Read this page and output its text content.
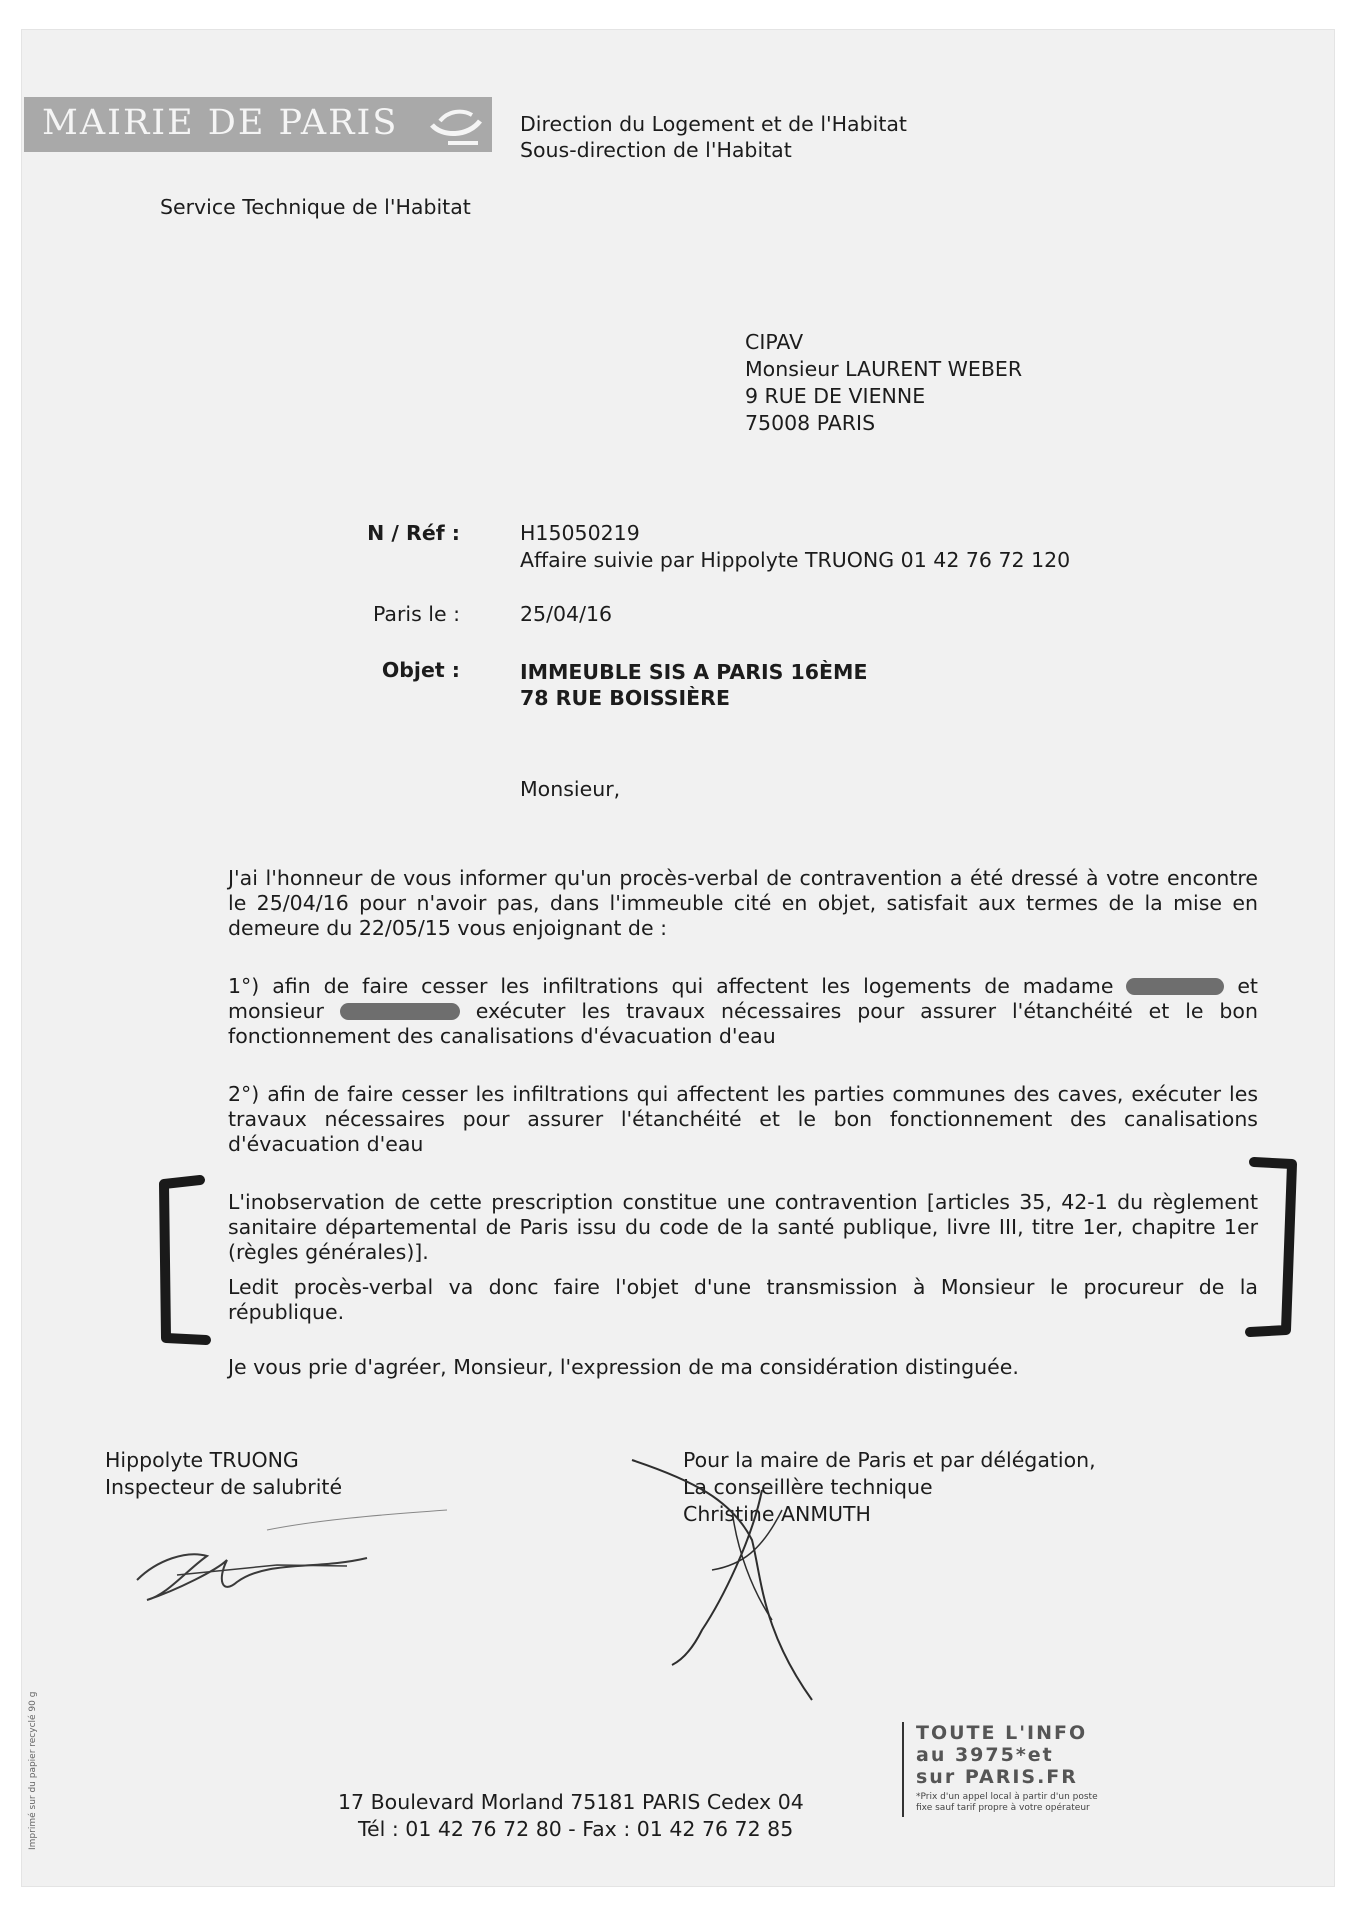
MAIRIE DE PARIS	Direction du Logement et de l'Habitat
Sous-direction de l'Habitat
Service Technique de l'Habitat
CIPAV
Monsieur LAURENT WEBER
9 RUE DE VIENNE
75008 PARIS
N / Réf :	H15050219
Affaire suivie par Hippolyte TRUONG 01 42 76 72 120
Paris le :	25/04/16
Objet :	IMMEUBLE SIS A PARIS 16ÈME
78 RUE BOISSIÈRE
Monsieur,
J'ai l'honneur de vous informer qu'un procès-verbal de contravention a été dressé à votre encontre le 25/04/16 pour n'avoir pas, dans l'immeuble cité en objet, satisfait aux termes de la mise en demeure du 22/05/15 vous enjoignant de :
1°) afin de faire cesser les infiltrations qui affectent les logements de madame	et monsieur	exécuter les travaux nécessaires pour assurer l'étanchéité et le bon fonctionnement des canalisations d'évacuation d'eau
2°) afin de faire cesser les infiltrations qui affectent les parties communes des caves, exécuter les travaux nécessaires pour assurer l'étanchéité et le bon fonctionnement des canalisations d'évacuation d'eau
L'inobservation de cette prescription constitue une contravention [articles 35, 42-1 du règlement sanitaire départemental de Paris issu du code de la santé publique, livre III, titre 1er, chapitre 1er (règles générales)].
Ledit procès-verbal va donc faire l'objet d'une transmission à Monsieur le procureur de la république.
Je vous prie d'agréer, Monsieur, l'expression de ma considération distinguée.
Hippolyte TRUONG
Inspecteur de salubrité
Pour la maire de Paris et par délégation,
La conseillère technique
Christine ANMUTH
17 Boulevard Morland 75181 PARIS Cedex 04
Tél : 01 42 76 72 80 - Fax : 01 42 76 72 85
TOUTE L'INFO
au 3975*et
sur PARIS.FR
*Prix d'un appel local à partir d'un poste
fixe sauf tarif propre à votre opérateur
Imprimé sur du papier recyclé 90 g
